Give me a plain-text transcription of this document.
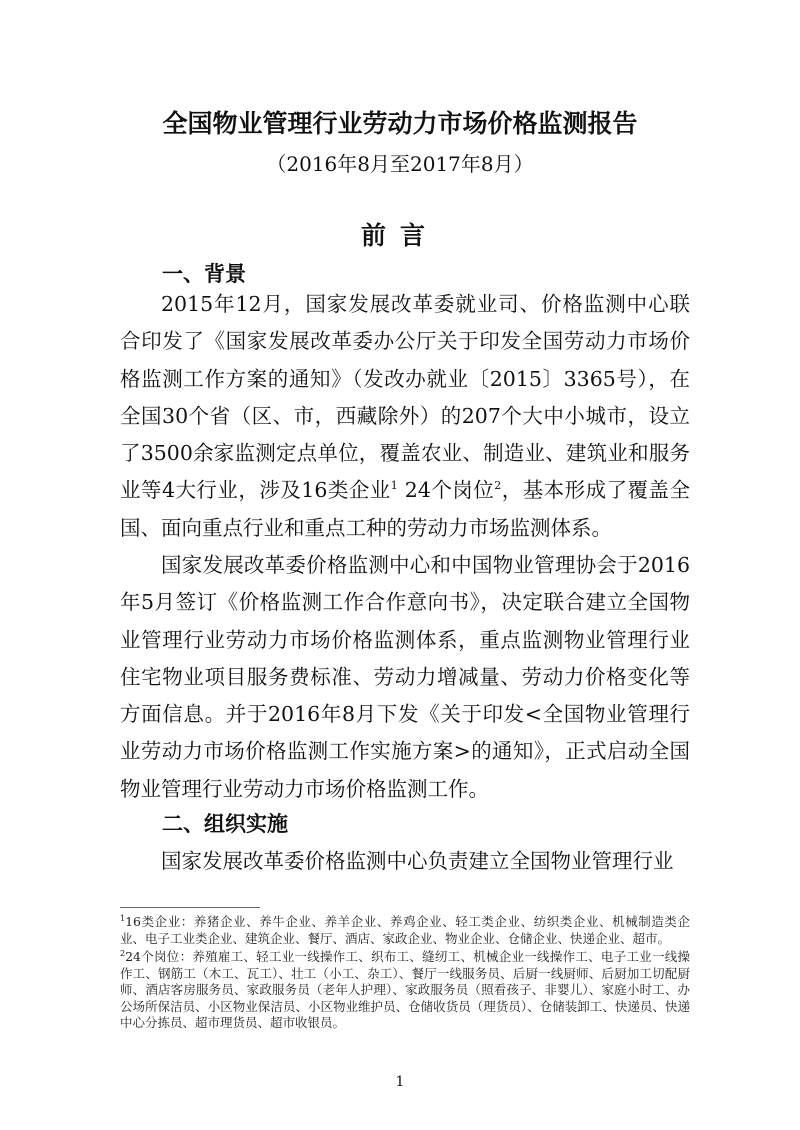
全国物业管理行业劳动力市场价格监测报告
（2016年8月至2017年8月）
前言
一、背景
2015年12月，国家发展改革委就业司、价格监测中心联合印发了《国家发展改革委办公厅关于印发全国劳动力市场价格监测工作方案的通知》（发改办就业〔2015〕3365号），在全国30个省（区、市，西藏除外）的207个大中小城市，设立了3500余家监测定点单位，覆盖农业、制造业、建筑业和服务业等4大行业，涉及16类企业$^1$ 24个岗位$^2$，基本形成了覆盖全国、面向重点行业和重点工种的劳动力市场监测体系。
国家发展改革委价格监测中心和中国物业管理协会于2016年5月签订《价格监测工作合作意向书》，决定联合建立全国物业管理行业劳动力市场价格监测体系，重点监测物业管理行业住宅物业项目服务费标准、劳动力增减量、劳动力价格变化等方面信息。并于2016年8月下发《关于印发<全国物业管理行业劳动力市场价格监测工作实施方案>的通知》，正式启动全国物业管理行业劳动力市场价格监测工作。
二、组织实施
国家发展改革委价格监测中心负责建立全国物业管理行业
$^1$16类企业：养猪企业、养牛企业、养羊企业、养鸡企业、轻工类企业、纺织类企业、机械制造类企业、电子工业类企业、建筑企业、餐厅、酒店、家政企业、物业企业、仓储企业、快递企业、超市。
$^2$24个岗位：养殖雇工、轻工业一线操作工、织布工、缝纫工、机械企业一线操作工、电子工业一线操作工、钢筋工（木工、瓦工）、壮工（小工、杂工）、餐厅一线服务员、后厨一线厨师、后厨加工切配厨师、酒店客房服务员、家政服务员（老年人护理）、家政服务员（照看孩子、非婴儿）、家庭小时工、办公场所保洁员、小区物业保洁员、小区物业维护员、仓储收货员（理货员）、仓储装卸工、快递员、快递中心分拣员、超市理货员、超市收银员。
1
